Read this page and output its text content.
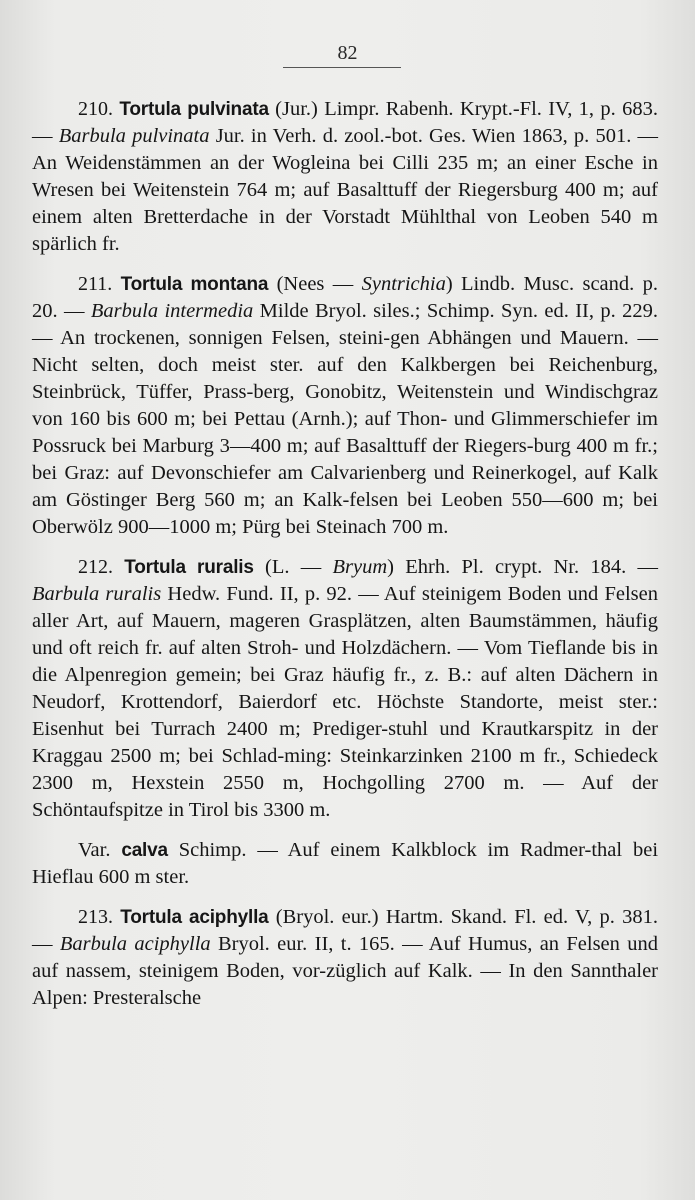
82

210. Tortula pulvinata (Jur.) Limpr. Rabenh. Krypt.-Fl. IV, 1, p. 683. — Barbula pulvinata Jur. in Verh. d. zool.-bot. Ges. Wien 1863, p. 501. — An Weidenstämmen an der Wogleina bei Cilli 235 m; an einer Esche in Wresen bei Weitenstein 764 m; auf Basalttuff der Riegersburg 400 m; auf einem alten Bretterdache in der Vorstadt Mühlthal von Leoben 540 m spärlich fr.

211. Tortula montana (Nees — Syntrichia) Lindb. Musc. scand. p. 20. — Barbula intermedia Milde Bryol. siles.; Schimp. Syn. ed. II, p. 229. — An trockenen, sonnigen Felsen, steini-gen Abhängen und Mauern. — Nicht selten, doch meist ster. auf den Kalkbergen bei Reichenburg, Steinbrück, Tüffer, Prass-berg, Gonobitz, Weitenstein und Windischgraz von 160 bis 600 m; bei Pettau (Arnh.); auf Thon- und Glimmerschiefer im Possruck bei Marburg 3—400 m; auf Basalttuff der Riegers-burg 400 m fr.; bei Graz: auf Devonschiefer am Calvarienberg und Reinerkogel, auf Kalk am Göstinger Berg 560 m; an Kalk-felsen bei Leoben 550—600 m; bei Oberwölz 900—1000 m; Pürg bei Steinach 700 m.

212. Tortula ruralis (L. — Bryum) Ehrh. Pl. crypt. Nr. 184. — Barbula ruralis Hedw. Fund. II, p. 92. — Auf steinigem Boden und Felsen aller Art, auf Mauern, mageren Grasplätzen, alten Baumstämmen, häufig und oft reich fr. auf alten Stroh- und Holzdächern. — Vom Tieflande bis in die Alpenregion gemein; bei Graz häufig fr., z. B.: auf alten Dächern in Neudorf, Krottendorf, Baierdorf etc. Höchste Standorte, meist ster.: Eisenhut bei Turrach 2400 m; Prediger-stuhl und Krautkarspitz in der Kraggau 2500 m; bei Schlad-ming: Steinkarzinken 2100 m fr., Schiedeck 2300 m, Hexstein 2550 m, Hochgolling 2700 m. — Auf der Schöntaufspitze in Tirol bis 3300 m.

Var. calva Schimp. — Auf einem Kalkblock im Radmer-thal bei Hieflau 600 m ster.

213. Tortula aciphylla (Bryol. eur.) Hartm. Skand. Fl. ed. V, p. 381. — Barbula aciphylla Bryol. eur. II, t. 165. — Auf Humus, an Felsen und auf nassem, steinigem Boden, vor-züglich auf Kalk. — In den Sannthaler Alpen: Presteralsche
